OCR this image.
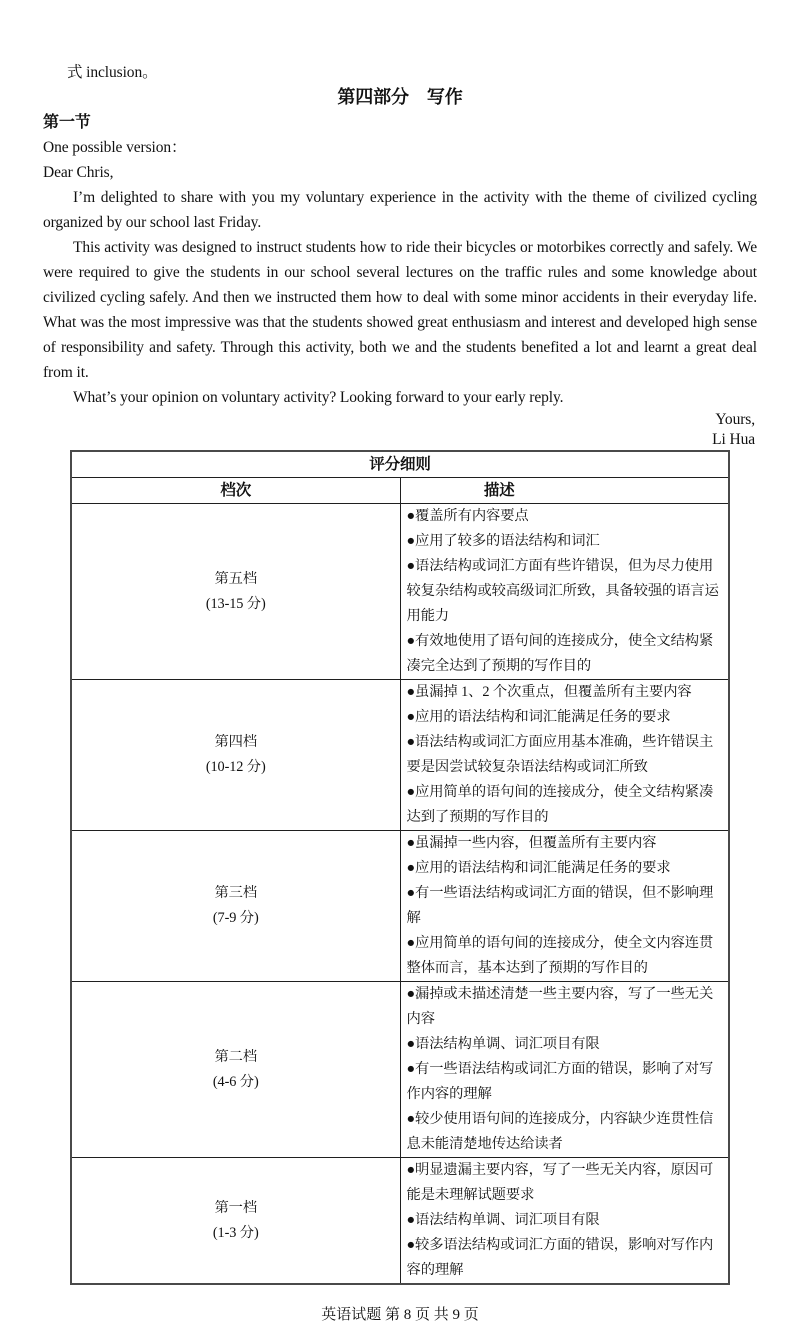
式 inclusion。
第四部分　写作
第一节
One possible version：
Dear Chris,

I’m delighted to share with you my voluntary experience in the activity with the theme of civilized cycling organized by our school last Friday.

This activity was designed to instruct students how to ride their bicycles or motorbikes correctly and safely. We were required to give the students in our school several lectures on the traffic rules and some knowledge about civilized cycling safely. And then we instructed them how to deal with some minor accidents in their everyday life. What was the most impressive was that the students showed great enthusiasm and interest and developed high sense of responsibility and safety. Through this activity, both we and the students benefited a lot and learnt a great deal from it.

What’s your opinion on voluntary activity? Looking forward to your early reply.

Yours,
Li Hua
评分细则	
档次	描述

第五档
(13-15 分)

●覆盖所有内容要点
●应用了较多的语法结构和词汇
●语法结构或词汇方面有些许错误，但为尽力使用较复杂结构或较高级词汇所致，具备较强的语言运用能力
●有效地使用了语句间的连接成分，使全文结构紧凑完全达到了预期的写作目的

第四档
(10-12 分)

●虽漏掉 1、2 个次重点，但覆盖所有主要内容
●应用的语法结构和词汇能满足任务的要求
●语法结构或词汇方面应用基本准确，些许错误主要是因尝试较复杂语法结构或词汇所致
●应用简单的语句间的连接成分，使全文结构紧凑达到了预期的写作目的

第三档
(7-9 分)

●虽漏掉一些内容，但覆盖所有主要内容
●应用的语法结构和词汇能满足任务的要求
●有一些语法结构或词汇方面的错误，但不影响理解
●应用简单的语句间的连接成分，使全文内容连贯整体而言，基本达到了预期的写作目的

第二档
(4-6 分)

●漏掉或未描述清楚一些主要内容，写了一些无关内容
●语法结构单调、词汇项目有限
●有一些语法结构或词汇方面的错误，影响了对写作内容的理解
●较少使用语句间的连接成分，内容缺少连贯性信息未能清楚地传达给读者

第一档
(1-3 分)

●明显遗漏主要内容，写了一些无关内容，原因可能是未理解试题要求
●语法结构单调、词汇项目有限
●较多语法结构或词汇方面的错误，影响对写作内容的理解
英语试题 第 8 页 共 9 页
